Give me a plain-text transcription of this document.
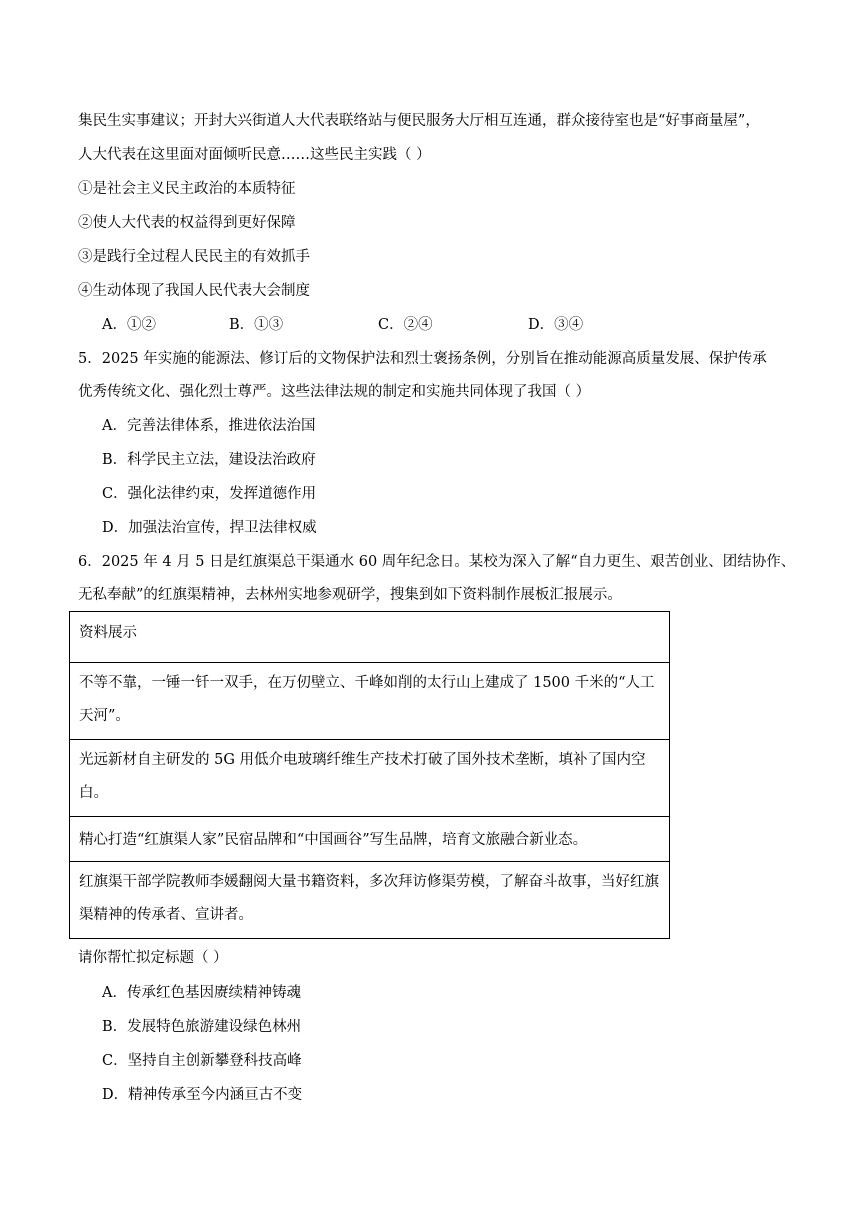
集民生实事建议；开封大兴街道人大代表联络站与便民服务大厅相互连通，群众接待室也是“好事商量屋”，
人大代表在这里面对面倾听民意……这些民主实践（ ）
①是社会主义民主政治的本质特征
②使人大代表的权益得到更好保障
③是践行全过程人民民主的有效抓手
④生动体现了我国人民代表大会制度
A．①②	B．①③	C．②④	D．③④
5．2025 年实施的能源法、修订后的文物保护法和烈士褒扬条例，分别旨在推动能源高质量发展、保护传承
优秀传统文化、强化烈士尊严。这些法律法规的制定和实施共同体现了我国（ ）
A．完善法律体系，推进依法治国
B．科学民主立法，建设法治政府
C．强化法律约束，发挥道德作用
D．加强法治宣传，捍卫法律权威
6．2025 年 4 月 5 日是红旗渠总干渠通水 60 周年纪念日。某校为深入了解“自力更生、艰苦创业、团结协作、
无私奉献”的红旗渠精神，去林州实地参观研学，搜集到如下资料制作展板汇报展示。
资料展示
不等不靠，一锤一钎一双手，在万仞壁立、千峰如削的太行山上建成了 1500 千米的“人工天河”。
光远新材自主研发的 5G 用低介电玻璃纤维生产技术打破了国外技术垄断，填补了国内空白。
精心打造“红旗渠人家”民宿品牌和“中国画谷”写生品牌，培育文旅融合新业态。
红旗渠干部学院教师李媛翻阅大量书籍资料，多次拜访修渠劳模，了解奋斗故事，当好红旗渠精神的传承者、宣讲者。
请你帮忙拟定标题（ ）
A．传承红色基因赓续精神铸魂
B．发展特色旅游建设绿色林州
C．坚持自主创新攀登科技高峰
D．精神传承至今内涵亘古不变
